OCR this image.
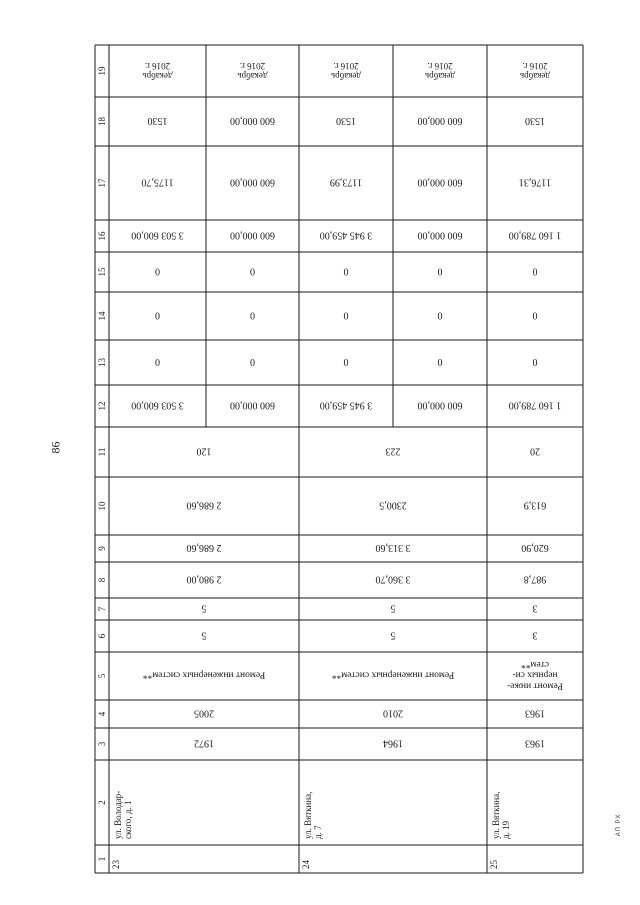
86
АП РХ
1
2
3
4
5
6
7
8
9
10
11
12
13
14
15
16
17
18
19
23
ул. Володар-ского, д. 1
1972
2005
Ремонт инженерных систем**
5
5
2 980,00
2 686,60
2 686,60
120
3 503 600,00
0
0
0
3 503 600,00
1175,70
1530
декабрь2016 г.
600 000,00
0
0
0
600 000,00
600 000,00
600 000,00
декабрь2016 г.
24
ул. Вяткина,д. 7
1964
2010
Ремонт инженерных систем**
5
5
3 360,70
3 313,60
2300,5
223
3 945 459,00
0
0
0
3 945 459,00
1173,99
1530
декабрь2016 г.
600 000,00
0
0
0
600 000,00
600 000,00
600 000,00
декабрь2016 г.
25
ул. Вяткина,д. 19
1963
1963
Ремонт инже-нерных си-стем**
3
3
987,8
620,90
613,9
20
1 160 789,00
0
0
0
1 160 789,00
1176,31
1530
декабрь2016 г.
